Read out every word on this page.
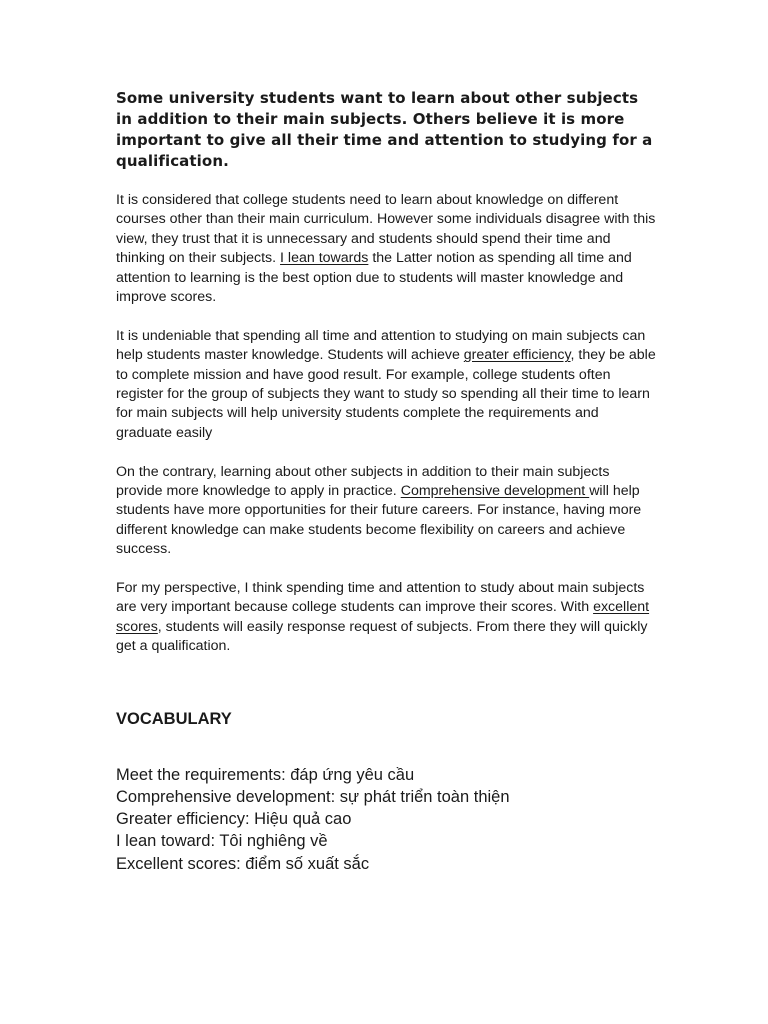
Some university students want to learn about other subjects in addition to their main subjects. Others believe it is more important to give all their time and attention to studying for a qualification.

It is considered that college students need to learn about knowledge on different courses other than their main curriculum. However some individuals disagree with this view, they trust that it is unnecessary and students should spend their time and thinking on their subjects. I lean towards the Latter notion as spending all time and attention to learning is the best option due to students will master knowledge and improve scores.

It is undeniable that spending all time and attention to studying on main subjects can help students master knowledge. Students will achieve greater efficiency, they be able to complete mission and have good result. For example, college students often register for the group of subjects they want to study so spending all their time to learn for main subjects will help university students complete the requirements and graduate easily

On the contrary, learning about other subjects in addition to their main subjects provide more knowledge to apply in practice. Comprehensive development will help students have more opportunities for their future careers. For instance, having more different knowledge can make students become flexibility on careers and achieve success.

For my perspective, I think spending time and attention to study about main subjects are very important because college students can improve their scores. With excellent scores, students will easily response request of subjects. From there they will quickly get a qualification.

VOCABULARY
Meet the requirements: đáp ứng yêu cầu
Comprehensive development: sự phát triển toàn thiện
Greater efficiency: Hiệu quả cao
I lean toward: Tôi nghiêng về
Excellent scores: điểm số xuất sắc
